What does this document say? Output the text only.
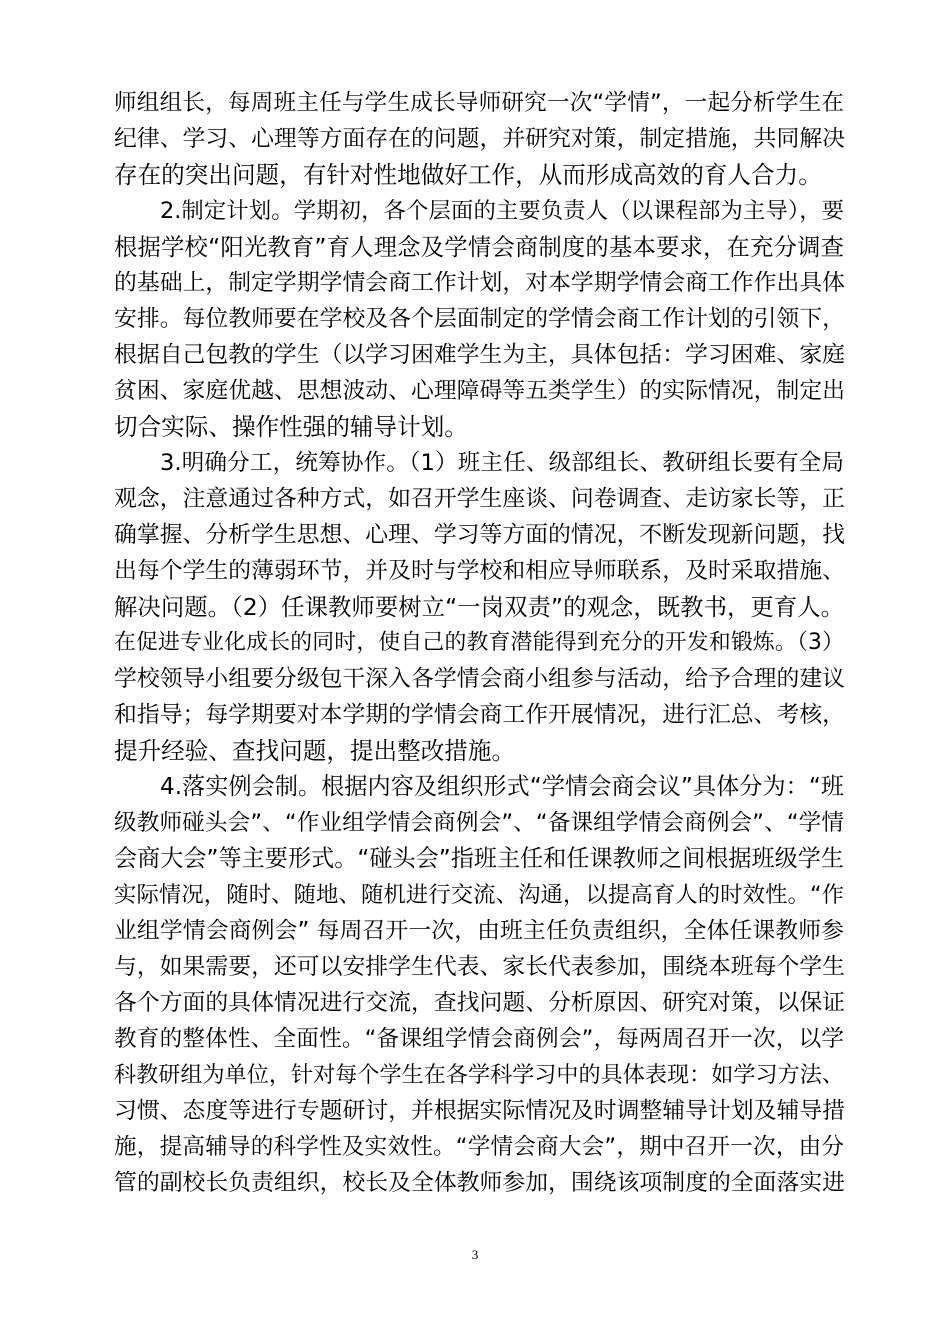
师组组长，每周班主任与学生成长导师研究一次“学情”，一起分析学生在
纪律、学习、心理等方面存在的问题，并研究对策，制定措施，共同解决
存在的突出问题，有针对性地做好工作，从而形成高效的育人合力。
2.制定计划。学期初，各个层面的主要负责人（以课程部为主导），要
根据学校“阳光教育”育人理念及学情会商制度的基本要求，在充分调查
的基础上，制定学期学情会商工作计划，对本学期学情会商工作作出具体
安排。每位教师要在学校及各个层面制定的学情会商工作计划的引领下，
根据自己包教的学生（以学习困难学生为主，具体包括：学习困难、家庭
贫困、家庭优越、思想波动、心理障碍等五类学生）的实际情况，制定出
切合实际、操作性强的辅导计划。
3.明确分工，统筹协作。（1）班主任、级部组长、教研组长要有全局
观念，注意通过各种方式，如召开学生座谈、问卷调查、走访家长等，正
确掌握、分析学生思想、心理、学习等方面的情况，不断发现新问题，找
出每个学生的薄弱环节，并及时与学校和相应导师联系，及时采取措施、
解决问题。（2）任课教师要树立“一岗双责”的观念，既教书，更育人。
在促进专业化成长的同时，使自己的教育潜能得到充分的开发和锻炼。（3）
学校领导小组要分级包干深入各学情会商小组参与活动，给予合理的建议
和指导；每学期要对本学期的学情会商工作开展情况，进行汇总、考核，
提升经验、查找问题，提出整改措施。
4.落实例会制。根据内容及组织形式“学情会商会议”具体分为：“班
级教师碰头会”、“作业组学情会商例会”、“备课组学情会商例会”、“学情
会商大会”等主要形式。“碰头会”指班主任和任课教师之间根据班级学生
实际情况，随时、随地、随机进行交流、沟通，以提高育人的时效性。“作
业组学情会商例会” 每周召开一次，由班主任负责组织，全体任课教师参
与，如果需要，还可以安排学生代表、家长代表参加，围绕本班每个学生
各个方面的具体情况进行交流，查找问题、分析原因、研究对策，以保证
教育的整体性、全面性。“备课组学情会商例会”，每两周召开一次，以学
科教研组为单位，针对每个学生在各学科学习中的具体表现：如学习方法、
习惯、态度等进行专题研讨，并根据实际情况及时调整辅导计划及辅导措
施，提高辅导的科学性及实效性。“学情会商大会”，期中召开一次，由分
管的副校长负责组织，校长及全体教师参加，围绕该项制度的全面落实进
3
